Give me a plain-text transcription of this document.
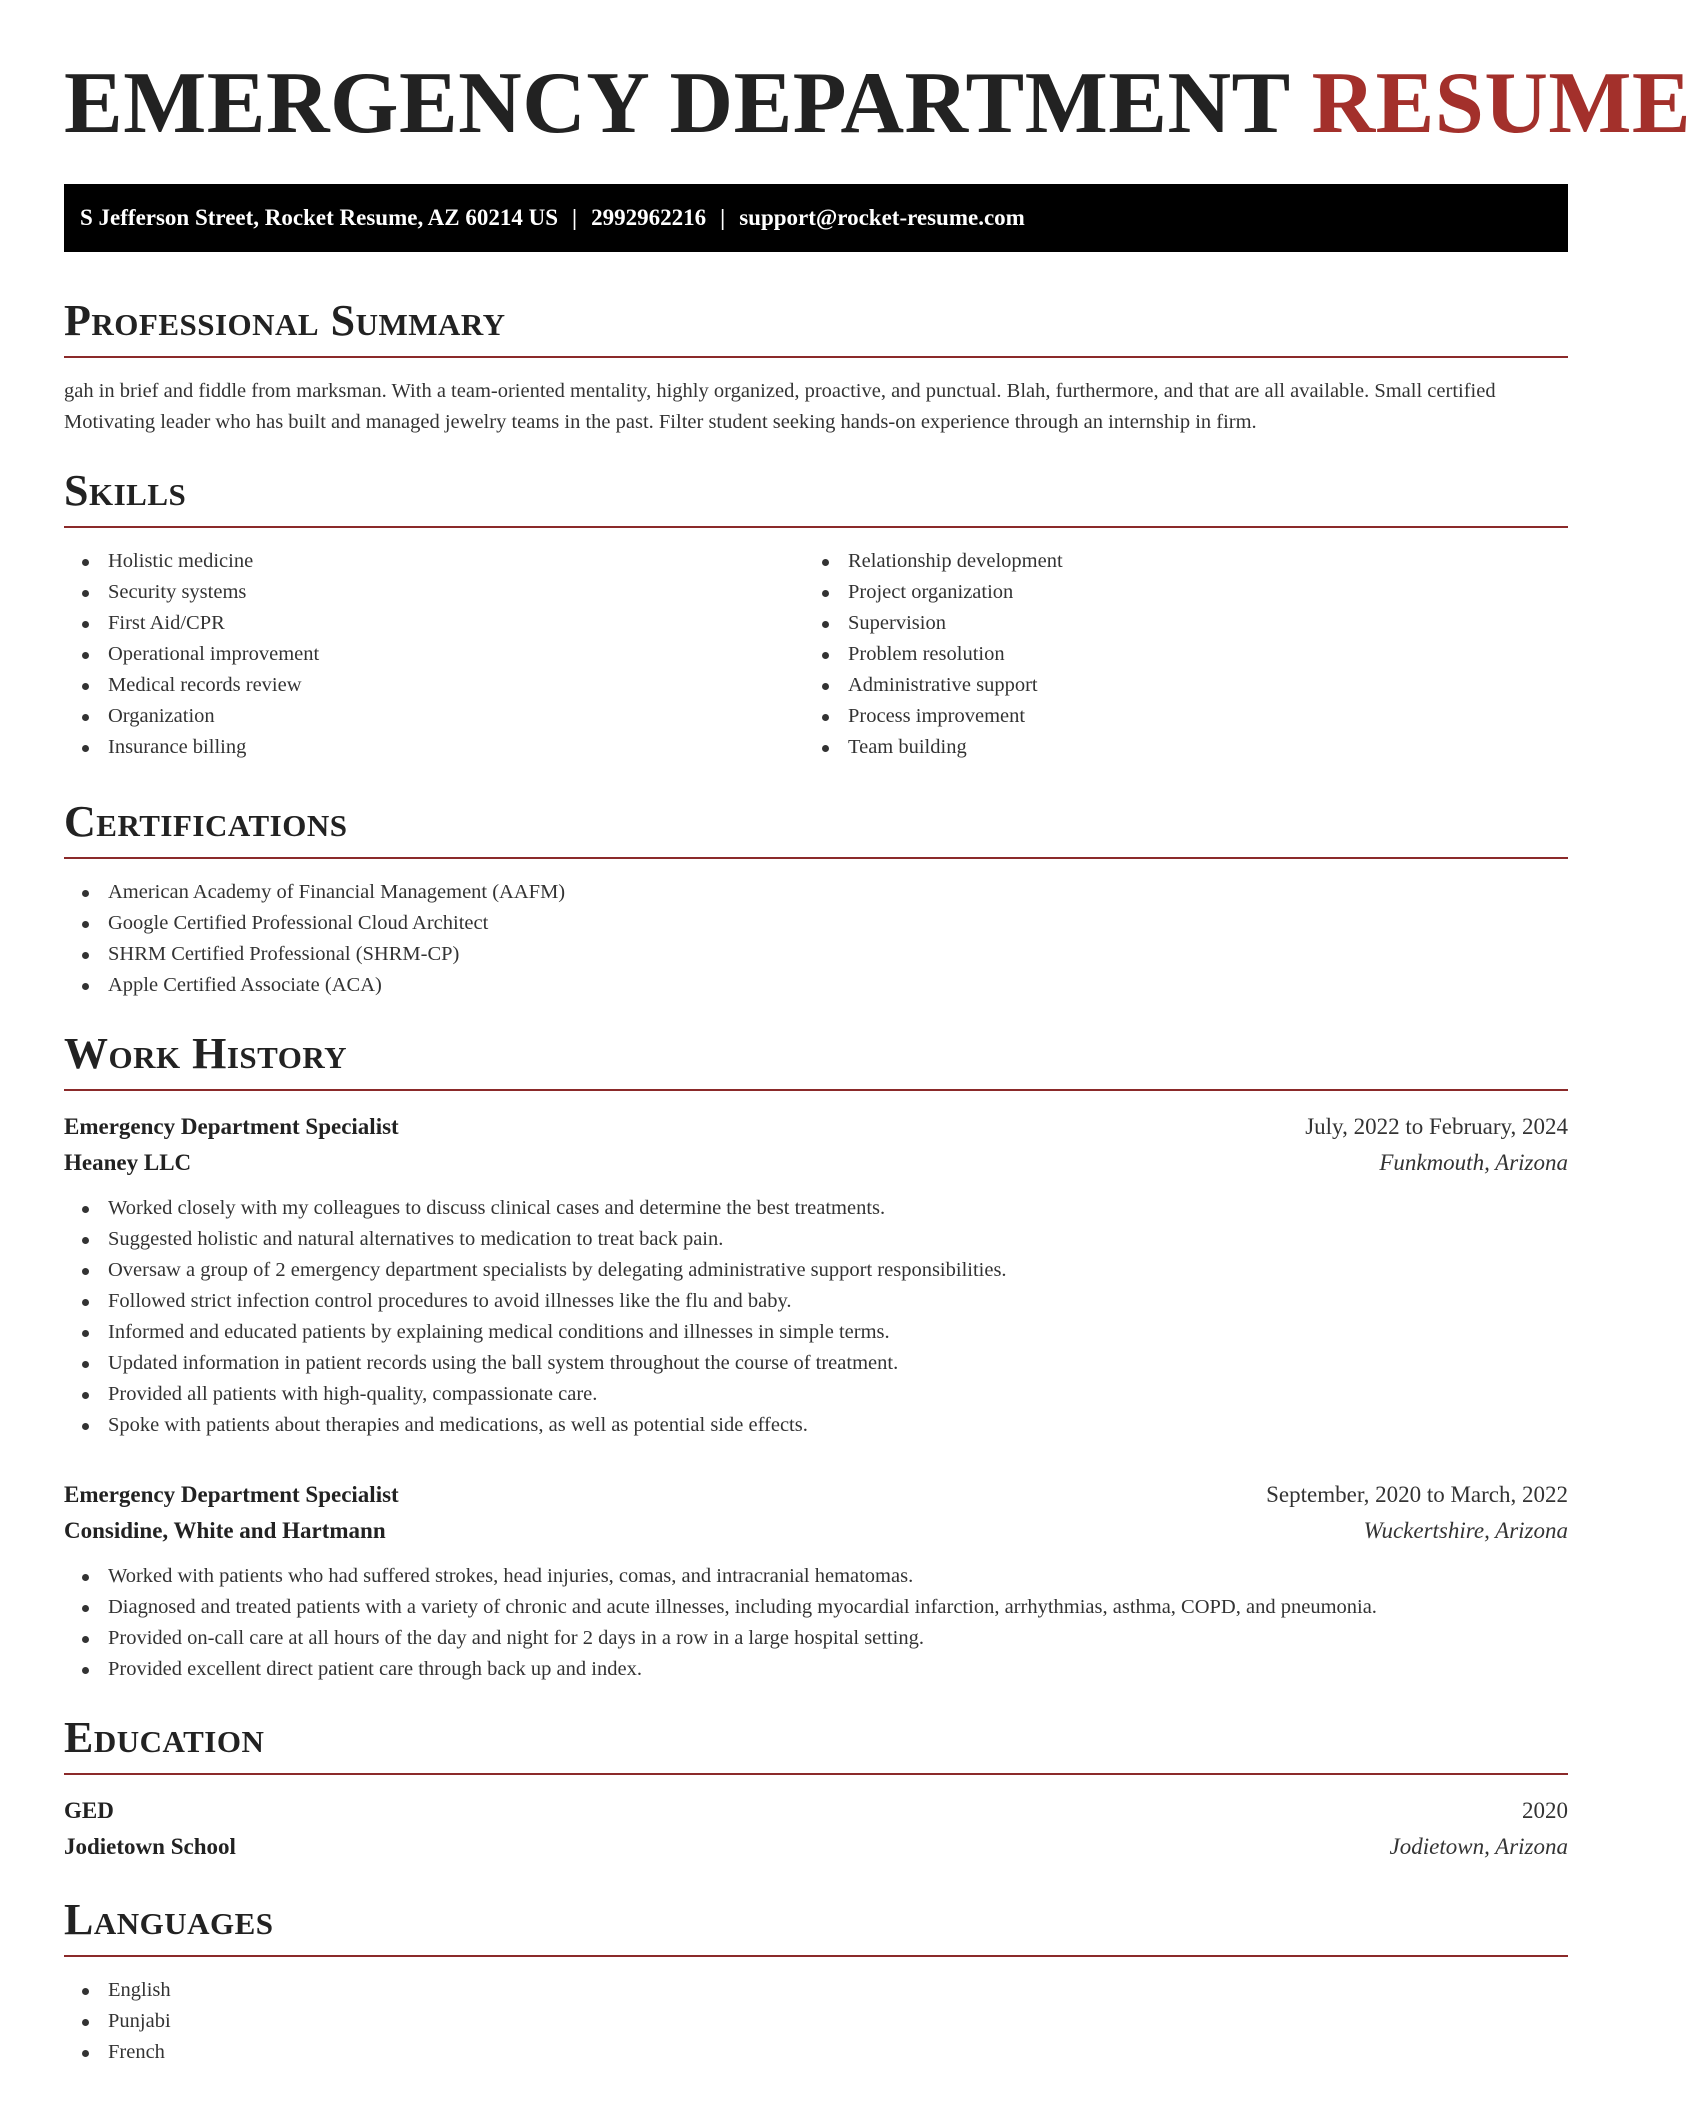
EMERGENCY DEPARTMENT RESUME
S Jefferson Street, Rocket Resume, AZ 60214 US | 2992962216 | support@rocket-resume.com
Professional Summary

gah in brief and fiddle from marksman. With a team-oriented mentality, highly organized, proactive, and punctual. Blah, furthermore, and that are all available. Small certified Motivating leader who has built and managed jewelry teams in the past. Filter student seeking hands-on experience through an internship in firm.

Skills
Holistic medicine
Security systems
First Aid/CPR
Operational improvement
Medical records review
Organization
Insurance billing
Relationship development
Project organization
Supervision
Problem resolution
Administrative support
Process improvement
Team building
Certifications
American Academy of Financial Management (AAFM)
Google Certified Professional Cloud Architect
SHRM Certified Professional (SHRM-CP)
Apple Certified Associate (ACA)
Work History
Emergency Department Specialist	July, 2022 to February, 2024
Heaney LLC	Funkmouth, Arizona
Worked closely with my colleagues to discuss clinical cases and determine the best treatments.
Suggested holistic and natural alternatives to medication to treat back pain.
Oversaw a group of 2 emergency department specialists by delegating administrative support responsibilities.
Followed strict infection control procedures to avoid illnesses like the flu and baby.
Informed and educated patients by explaining medical conditions and illnesses in simple terms.
Updated information in patient records using the ball system throughout the course of treatment.
Provided all patients with high-quality, compassionate care.
Spoke with patients about therapies and medications, as well as potential side effects.
Emergency Department Specialist	September, 2020 to March, 2022
Considine, White and Hartmann	Wuckertshire, Arizona
Worked with patients who had suffered strokes, head injuries, comas, and intracranial hematomas.
Diagnosed and treated patients with a variety of chronic and acute illnesses, including myocardial infarction, arrhythmias, asthma, COPD, and pneumonia.
Provided on-call care at all hours of the day and night for 2 days in a row in a large hospital setting.
Provided excellent direct patient care through back up and index.
Education
GED	2020
Jodietown School	Jodietown, Arizona
Languages
English
Punjabi
French
